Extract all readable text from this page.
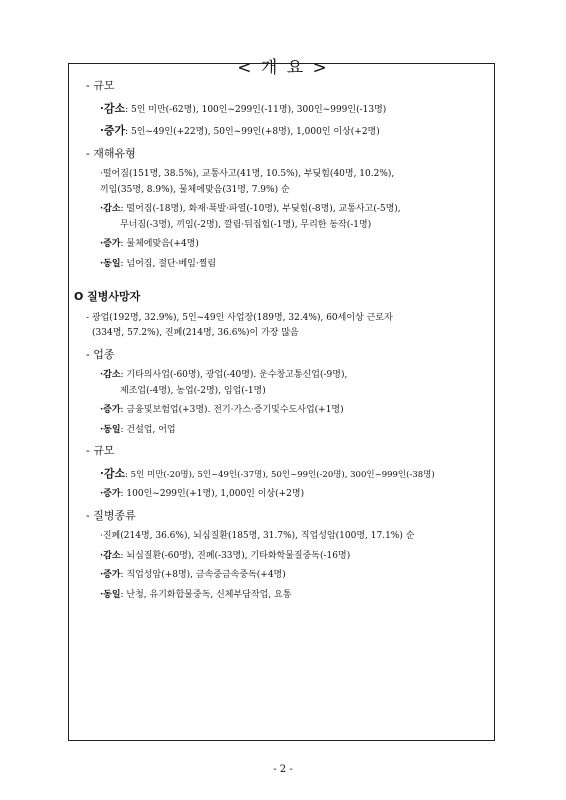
< 개 요 >

- 규모

·감소: 5인 미만(-62명), 100인~299인(-11명), 300인~999인(-13명)

·증가: 5인~49인(+22명), 50인~99인(+8명), 1,000인 이상(+2명)

- 재해유형

·떨어짐(151명, 38.5%), 교통사고(41명, 10.5%), 부딪힘(40명, 10.2%),

끼임(35명, 8.9%), 물체에맞음(31명, 7.9%) 순

·감소: 떨어짐(-18명), 화재·폭발·파열(-10명), 부딪힘(-8명), 교통사고(-5명),

무너짐(-3명), 끼임(-2명), 깔림·뒤집힘(-1명), 무리한 동작(-1명)

·증가: 물체에맞음(+4명)

·동일: 넘어짐, 절단·베임·찔림

O 질병사망자

- 광업(192명, 32.9%), 5인~49인 사업장(189명, 32.4%), 60세이상 근로자

(334명, 57.2%), 진폐(214명, 36.6%)이 가장 많음

- 업종

·감소: 기타의사업(-60명), 광업(-40명). 운수창고통신업(-9명),

제조업(-4명), 농업(-2명), 임업(-1명)

·증가: 금융및보험업(+3명). 전기·가스·증기및수도사업(+1명)

·동일: 건설업, 어업

- 규모

·감소: 5인 미만(-20명), 5인~49인(-37명), 50인~99인(-20명), 300인~999인(-38명)

·증가: 100인~299인(+1명), 1,000인 이상(+2명)

- 질병종류

·진폐(214명, 36.6%), 뇌심질환(185명, 31.7%), 직업성암(100명, 17.1%) 순

·감소: 뇌심질환(-60명), 진폐(-33명), 기타화학물질중독(-16명)

·증가: 직업성암(+8명), 금속중금속중독(+4명)

·동일: 난청, 유기화합물중독, 신체부담작업, 요통

- 2 -
